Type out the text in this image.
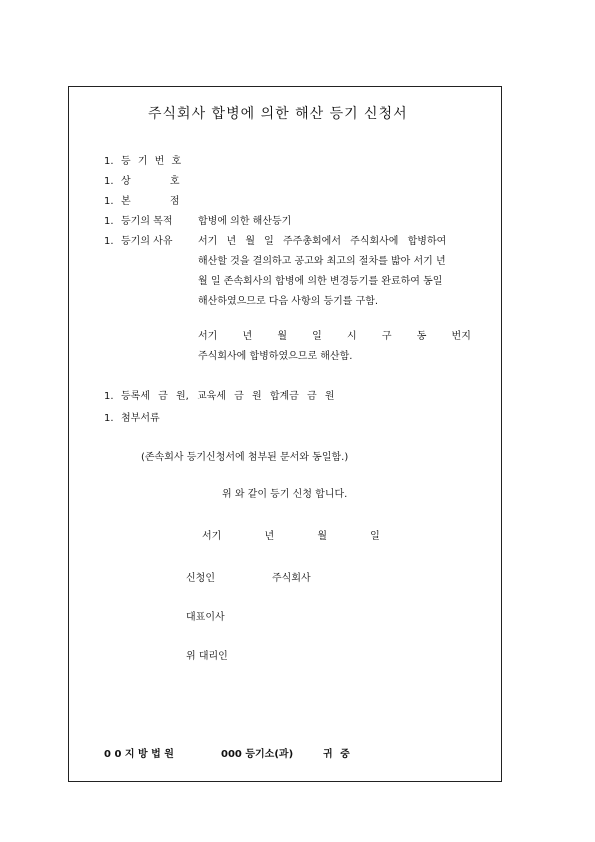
주식회사 합병에 의한 해산 등기 신청서
1. 등 기 번 호
1. 상 호
1. 본 점
1. 등기의 목적	합병에 의한 해산등기
1. 등기의 사유	서기 년 월 일 주주총회에서 주식회사에 합병하여
해산할 것을 결의하고 공고와 최고의 절차를 밟아 서기 년
월 일 존속회사의 합병에 의한 변경등기를 완료하여 동일
해산하였으므로 다음 사항의 등기를 구함.
서기 년 월 일 시 구 동 번지
주식회사에 합병하였으므로 해산함.
1. 등록세 금 원, 교육세 금 원 합계금 금 원
1. 첨부서류
(존속회사 등기신청서에 첨부된 문서와 동일함.)
위 와 같이 등기 신청 합니다.
서기 년 월 일
신청인	주식회사
대표이사
위 대리인
0 0 지 방 법 원	000 등기소(과)	귀 중
